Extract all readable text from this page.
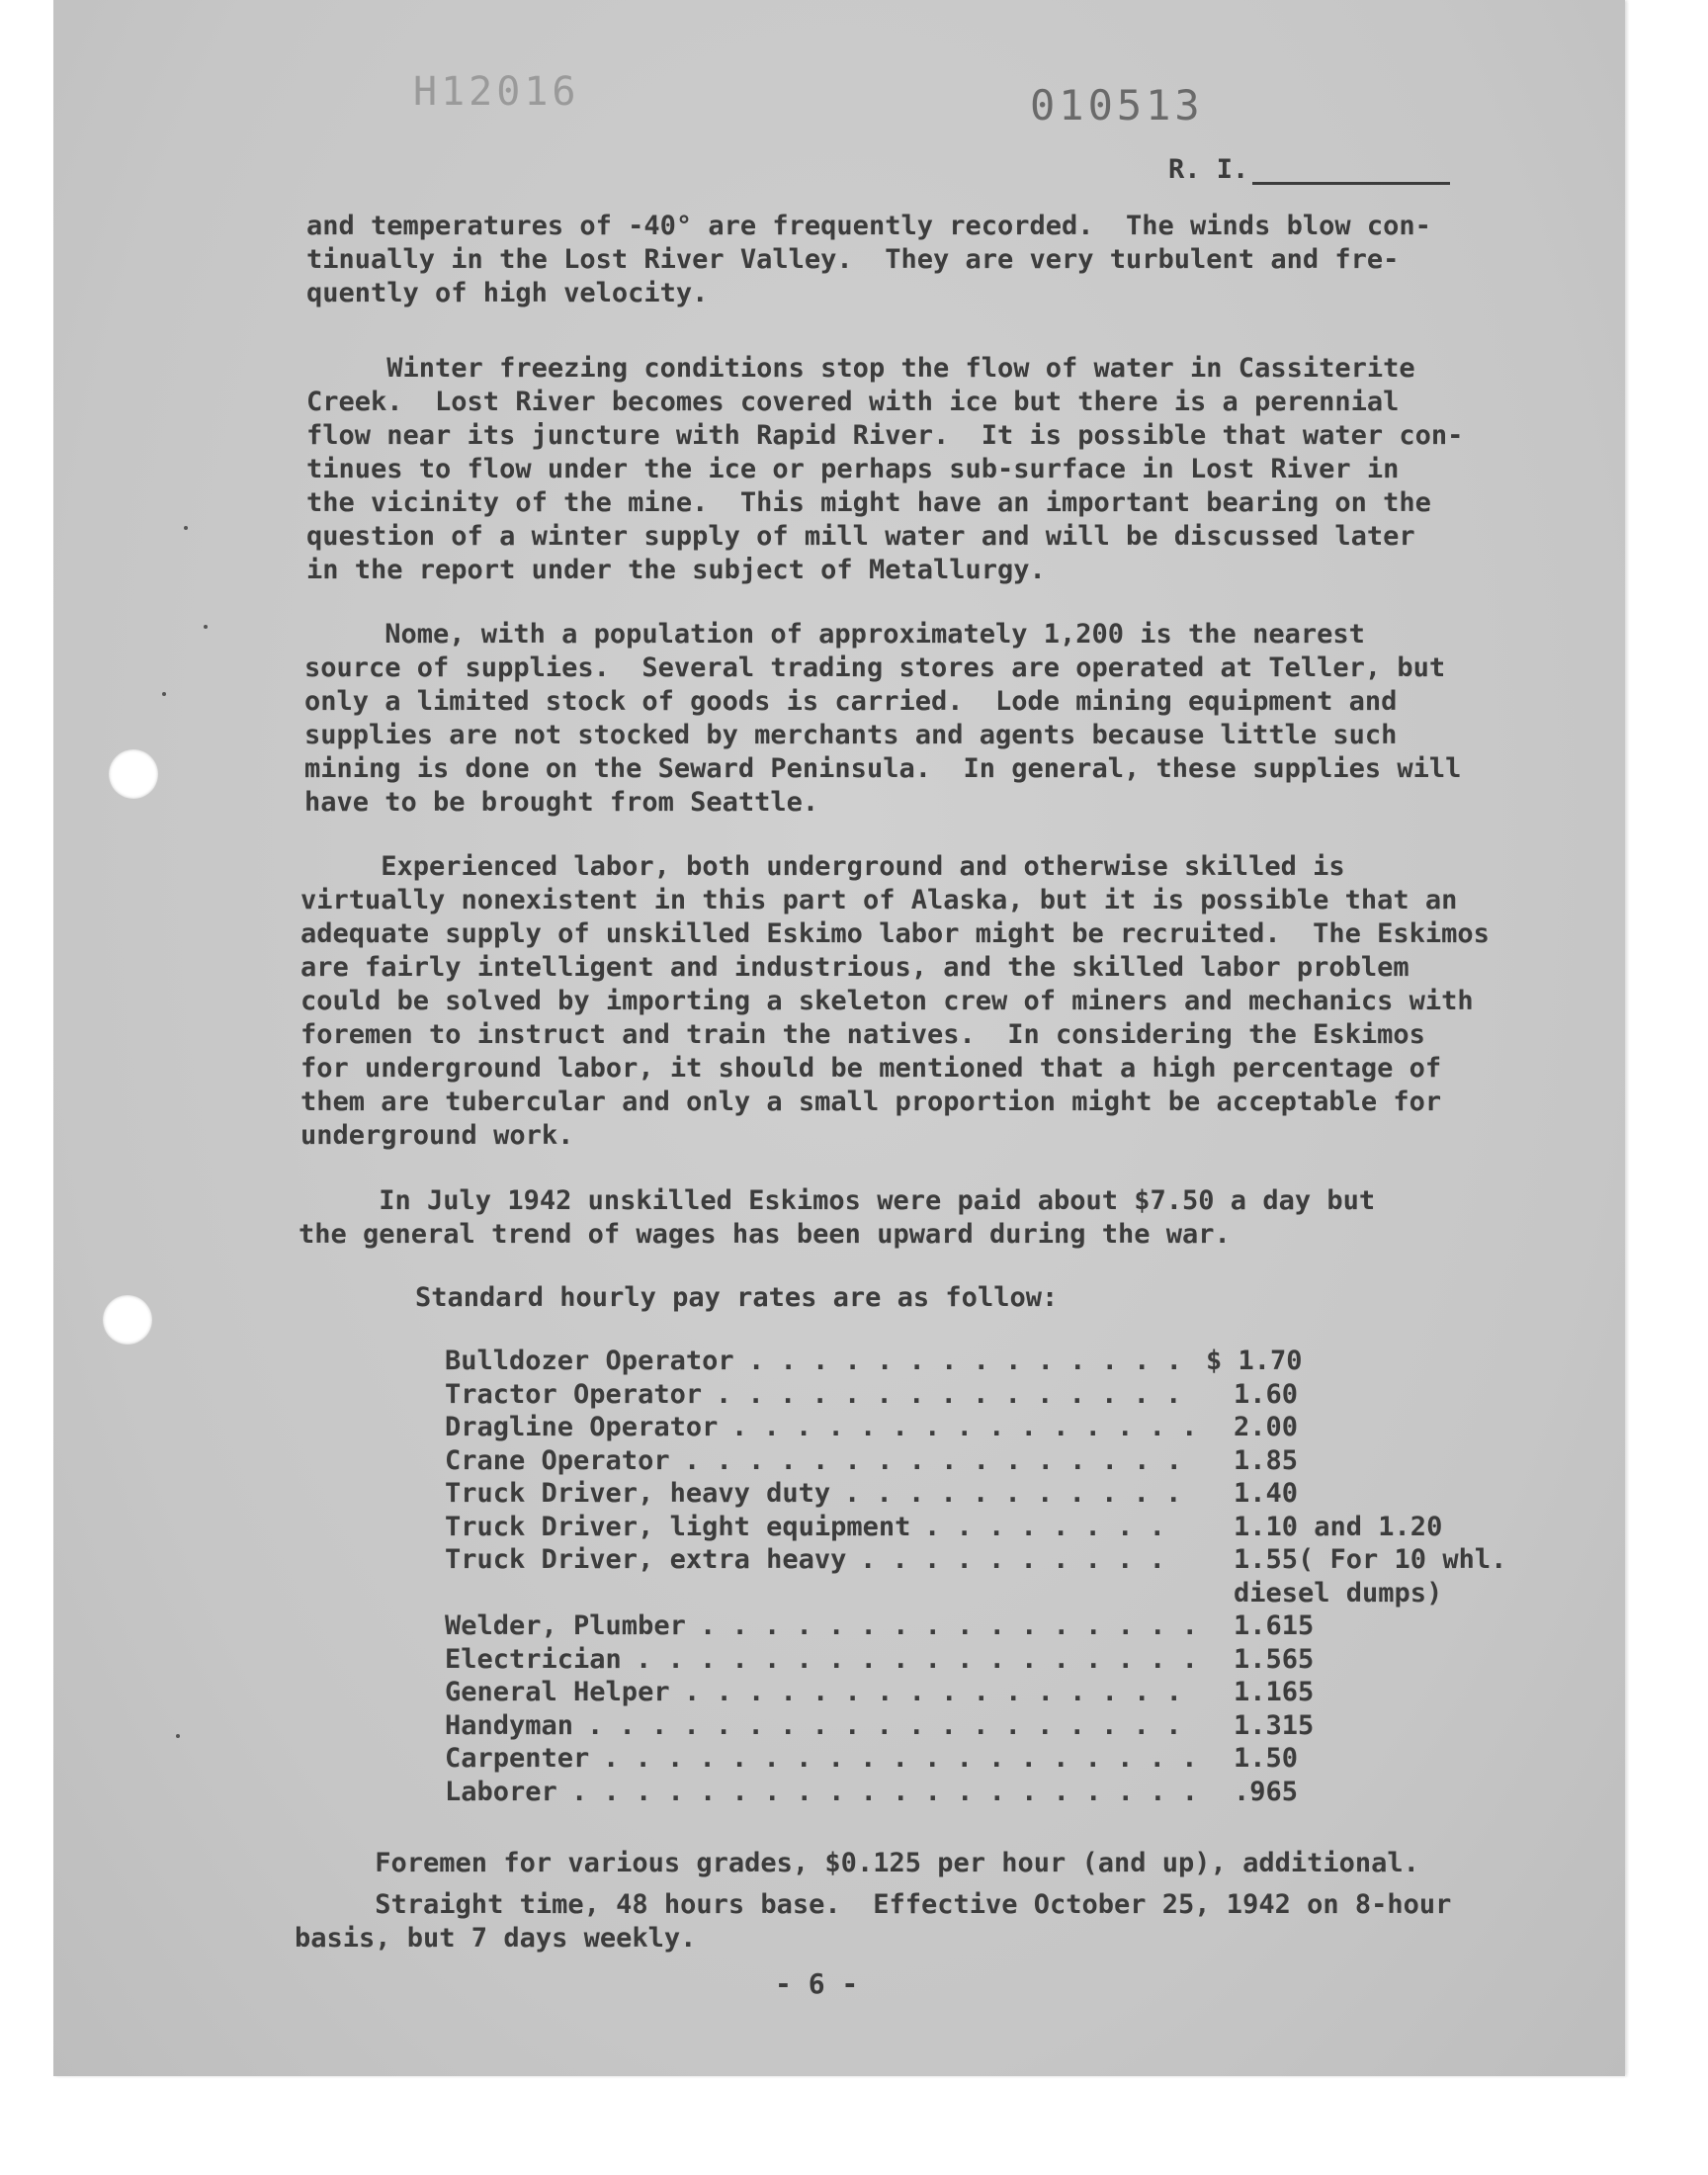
H12016	010513
R. I.
and temperatures of -40° are frequently recorded.  The winds blow con-
tinually in the Lost River Valley.  They are very turbulent and fre-
quently of high velocity.
Winter freezing conditions stop the flow of water in Cassiterite
Creek.  Lost River becomes covered with ice but there is a perennial
flow near its juncture with Rapid River.  It is possible that water con-
tinues to flow under the ice or perhaps sub-surface in Lost River in
the vicinity of the mine.  This might have an important bearing on the
question of a winter supply of mill water and will be discussed later
in the report under the subject of Metallurgy.
Nome, with a population of approximately 1,200 is the nearest
source of supplies.  Several trading stores are operated at Teller, but
only a limited stock of goods is carried.  Lode mining equipment and
supplies are not stocked by merchants and agents because little such
mining is done on the Seward Peninsula.  In general, these supplies will
have to be brought from Seattle.
Experienced labor, both underground and otherwise skilled is
virtually nonexistent in this part of Alaska, but it is possible that an
adequate supply of unskilled Eskimo labor might be recruited.  The Eskimos
are fairly intelligent and industrious, and the skilled labor problem
could be solved by importing a skeleton crew of miners and mechanics with
foremen to instruct and train the natives.  In considering the Eskimos
for underground labor, it should be mentioned that a high percentage of
them are tubercular and only a small proportion might be acceptable for
underground work.
In July 1942 unskilled Eskimos were paid about $7.50 a day but
the general trend of wages has been upward during the war.
Standard hourly pay rates are as follow:
Bulldozer Operator . . . . . . . . . . . . . . $ 1.70
Tractor Operator . . . . . . . . . . . . . . .	1.60
Dragline Operator . . . . . . . . . . . . . . .	2.00
Crane Operator . . . . . . . . . . . . . . . .	1.85
Truck Driver, heavy duty . . . . . . . . . . .	1.40
Truck Driver, light equipment . . . . . . . .	1.10 and 1.20
Truck Driver, extra heavy . . . . . . . . . .	1.55( For 10 whl.
diesel dumps)
Welder, Plumber . . . . . . . . . . . . . . . . 1.615
Electrician . . . . . . . . . . . . . . . . . . 1.565
General Helper . . . . . . . . . . . . . . . .	1.165
Handyman . . . . . . . . . . . . . . . . . . .	1.315
Carpenter . . . . . . . . . . . . . . . . . . .	1.50
Laborer . . . . . . . . . . . . . . . . . . . . .965
Foremen for various grades, $0.125 per hour (and up), additional.
Straight time, 48 hours base.  Effective October 25, 1942 on 8-hour
basis, but 7 days weekly.
- 6 -
